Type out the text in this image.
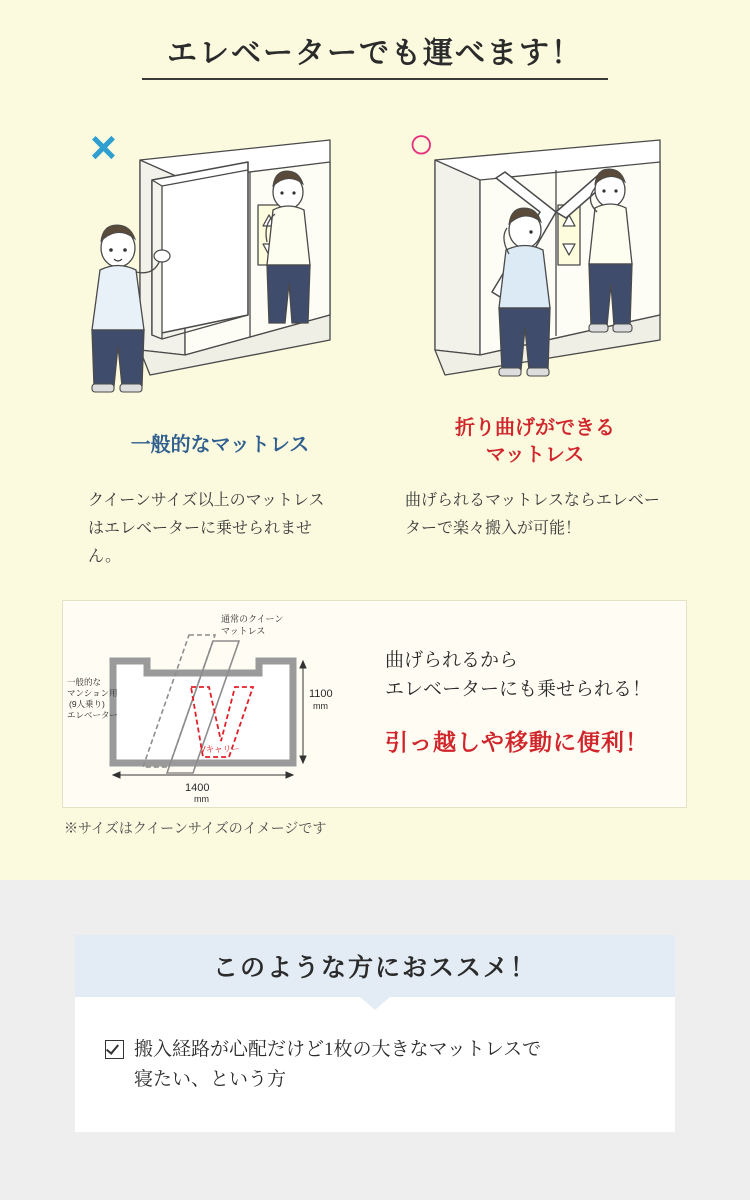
エレベーターでも運べます！
×	○
一般的なマットレス
折り曲げができる
マットレス
クイーンサイズ以上のマットレスはエレベーターに乗せられません。
曲げられるマットレスならエレベーターで楽々搬入が可能！
通常のクイーン
マットレス
一般的な
マンション用
(9人乗り)
エレベーター
1100
mm
1400
mm
Vキャリー
曲げられるから
エレベーターにも乗せられる！
引っ越しや移動に便利！
※サイズはクイーンサイズのイメージです
このような方におススメ！
搬入経路が心配だけど1枚の大きなマットレスで
寝たい、という方
